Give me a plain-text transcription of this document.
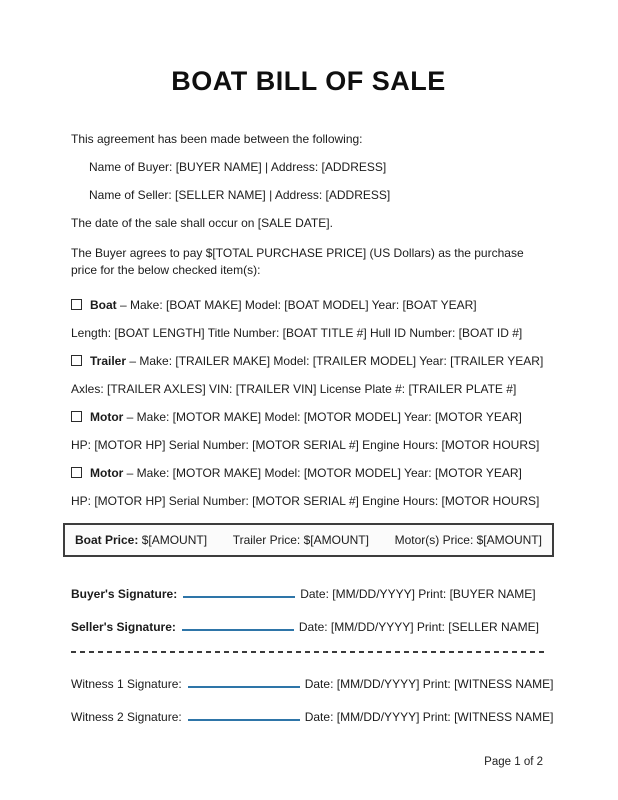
BOAT BILL OF SALE
This agreement has been made between the following:
Name of Buyer: [BUYER NAME] | Address: [ADDRESS]
Name of Seller: [SELLER NAME] | Address: [ADDRESS]
The date of the sale shall occur on [SALE DATE].

The Buyer agrees to pay $[TOTAL PURCHASE PRICE] (US Dollars) as the purchase price for the below checked item(s):

Boat – Make: [BOAT MAKE] Model: [BOAT MODEL] Year: [BOAT YEAR]
Length: [BOAT LENGTH] Title Number: [BOAT TITLE #] Hull ID Number: [BOAT ID #]
Trailer – Make: [TRAILER MAKE] Model: [TRAILER MODEL] Year: [TRAILER YEAR]
Axles: [TRAILER AXLES] VIN: [TRAILER VIN] License Plate #: [TRAILER PLATE #]
Motor – Make: [MOTOR MAKE] Model: [MOTOR MODEL] Year: [MOTOR YEAR]
HP: [MOTOR HP] Serial Number: [MOTOR SERIAL #] Engine Hours: [MOTOR HOURS]
Motor – Make: [MOTOR MAKE] Model: [MOTOR MODEL] Year: [MOTOR YEAR]
HP: [MOTOR HP] Serial Number: [MOTOR SERIAL #] Engine Hours: [MOTOR HOURS]
Boat Price: $[AMOUNT] Trailer Price: $[AMOUNT] Motor(s) Price: $[AMOUNT]
Buyer's Signature:	Date: [MM/DD/YYYY] Print: [BUYER NAME]
Seller's Signature:	Date: [MM/DD/YYYY] Print: [SELLER NAME]
Witness 1 Signature:	Date: [MM/DD/YYYY] Print: [WITNESS NAME]
Witness 2 Signature:	Date: [MM/DD/YYYY] Print: [WITNESS NAME]
Page 1 of 2
